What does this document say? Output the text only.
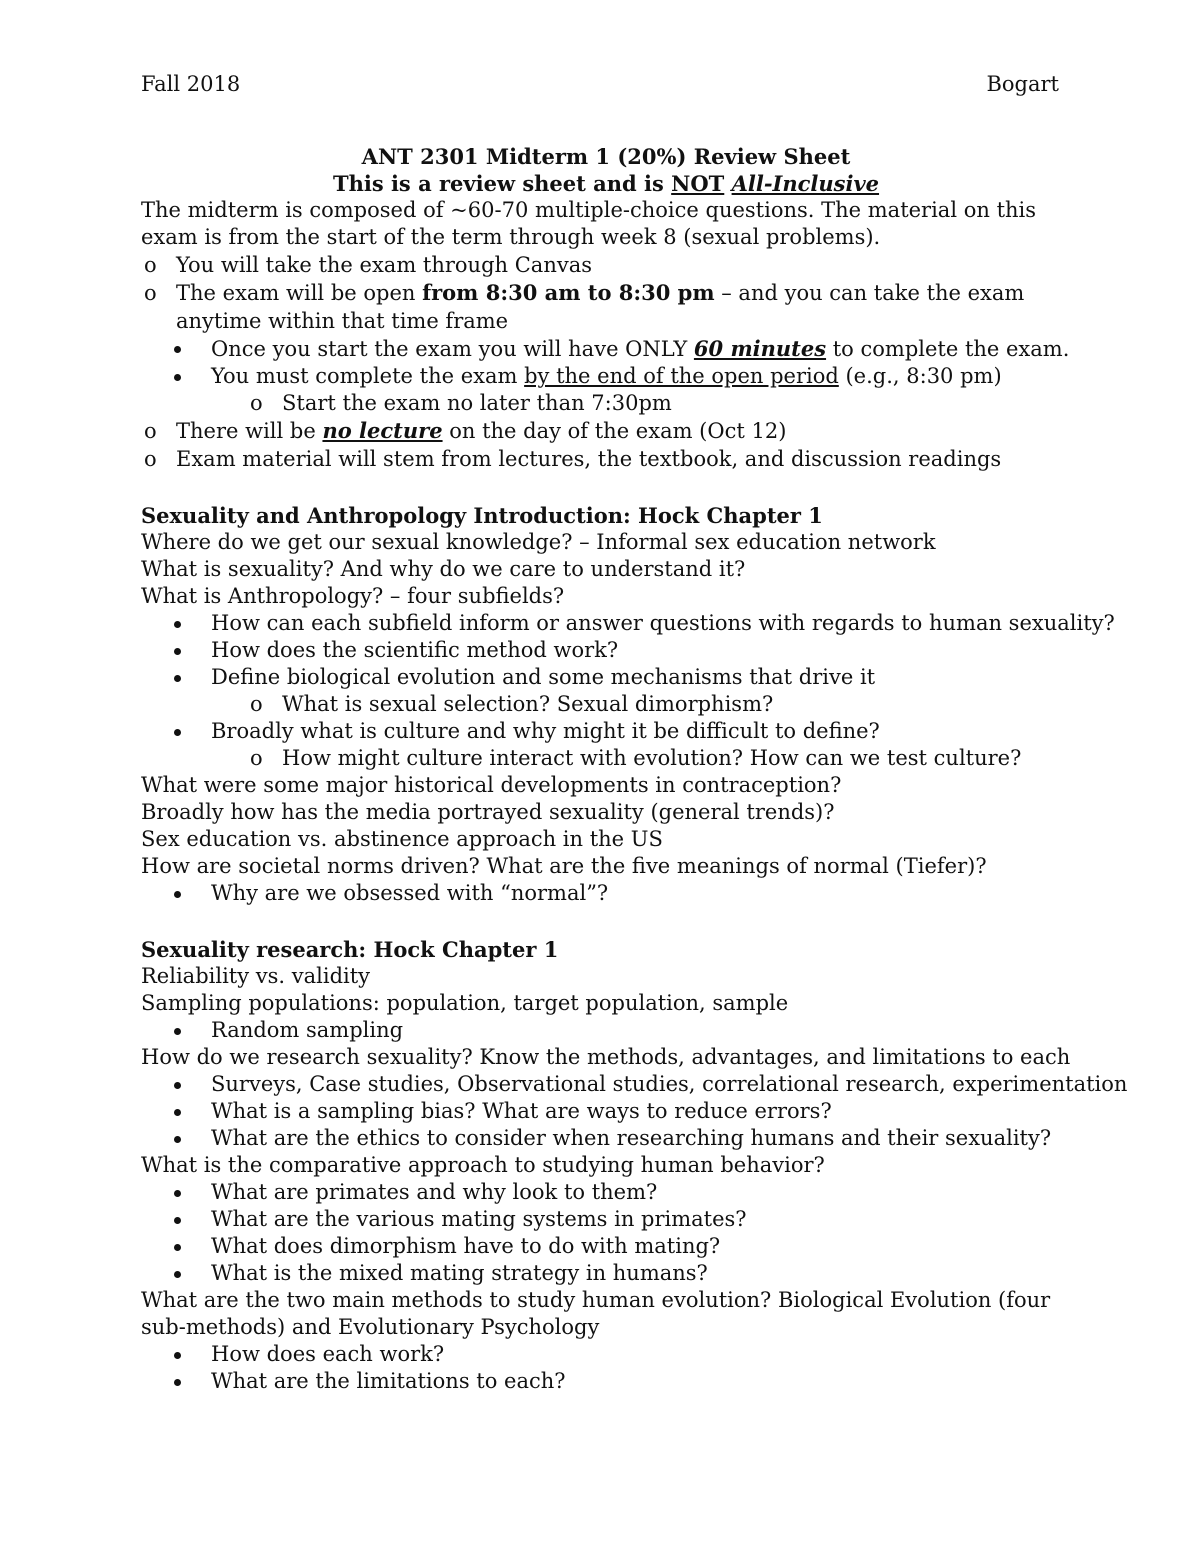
Fall 2018	Bogart
ANT 2301 Midterm 1 (20%) Review Sheet
This is a review sheet and is NOT All-Inclusive
The midterm is composed of ~60-70 multiple-choice questions. The material on this exam is from the start of the term through week 8 (sexual problems).
o You will take the exam through Canvas
o The exam will be open from 8:30 am to 8:30 pm – and you can take the exam anytime within that time frame
Once you start the exam you will have ONLY 60 minutes to complete the exam.
You must complete the exam by the end of the open period (e.g., 8:30 pm)
o Start the exam no later than 7:30pm
o There will be no lecture on the day of the exam (Oct 12)
o Exam material will stem from lectures, the textbook, and discussion readings
Sexuality and Anthropology Introduction: Hock Chapter 1
Where do we get our sexual knowledge? – Informal sex education network
What is sexuality? And why do we care to understand it?
What is Anthropology? – four subfields?
How can each subfield inform or answer questions with regards to human sexuality?
How does the scientific method work?
Define biological evolution and some mechanisms that drive it
o What is sexual selection? Sexual dimorphism?
Broadly what is culture and why might it be difficult to define?
o How might culture interact with evolution? How can we test culture?
What were some major historical developments in contraception?
Broadly how has the media portrayed sexuality (general trends)?
Sex education vs. abstinence approach in the US
How are societal norms driven? What are the five meanings of normal (Tiefer)?
Why are we obsessed with “normal”?
Sexuality research: Hock Chapter 1
Reliability vs. validity
Sampling populations: population, target population, sample
Random sampling
How do we research sexuality? Know the methods, advantages, and limitations to each
Surveys, Case studies, Observational studies, correlational research, experimentation
What is a sampling bias? What are ways to reduce errors?
What are the ethics to consider when researching humans and their sexuality?
What is the comparative approach to studying human behavior?
What are primates and why look to them?
What are the various mating systems in primates?
What does dimorphism have to do with mating?
What is the mixed mating strategy in humans?
What are the two main methods to study human evolution? Biological Evolution (four sub-methods) and Evolutionary Psychology
How does each work?
What are the limitations to each?
